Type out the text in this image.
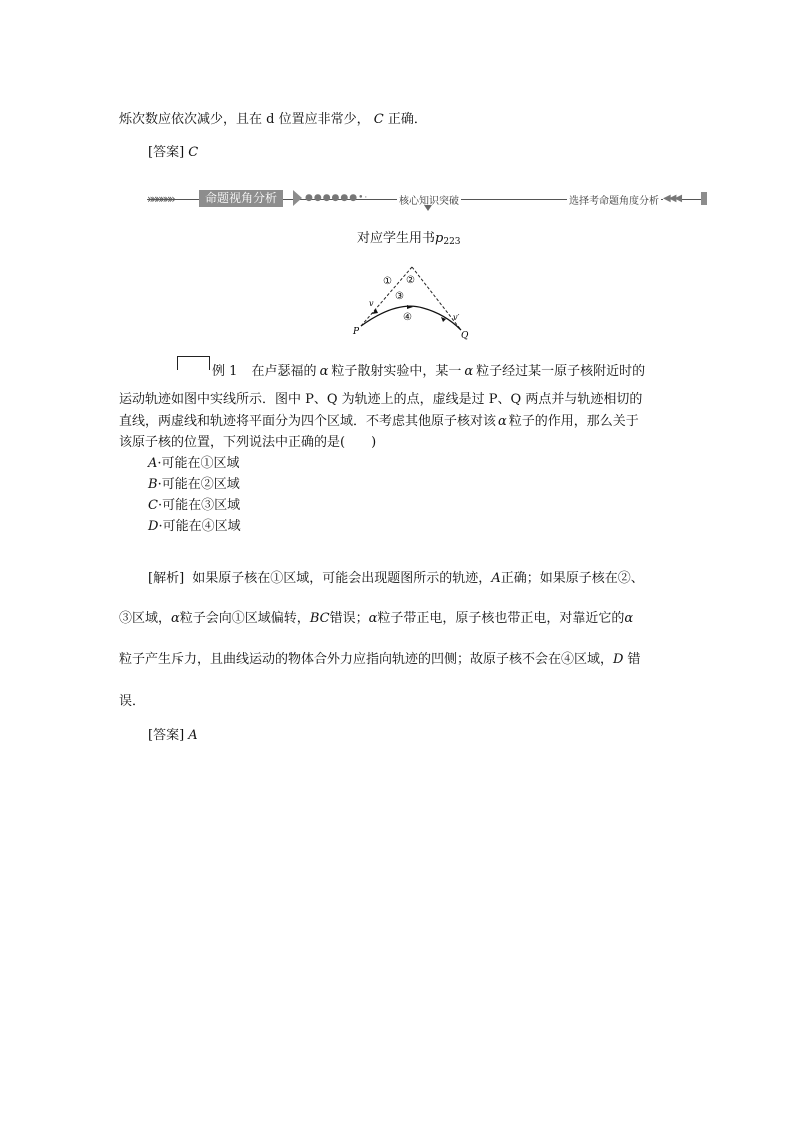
烁次数应依次减少，且在 d 位置应非常少， C 正确．
[答案] C
»»»»»»	命题视角分析	●●●●●●•·	核心知识突破	选择考命题角度分析 ◀◀◀
对应学生用书p223
① ②
③
④
v
v′
P	Q
例 1 在卢瑟福的 α 粒子散射实验中，某一 α 粒子经过某一原子核附近时的
运动轨迹如图中实线所示．图中 P、Q 为轨迹上的点，虚线是过 P、Q 两点并与轨迹相切的
直线，两虚线和轨迹将平面分为四个区域．不考虑其他原子核对该 α 粒子的作用，那么关于
该原子核的位置，下列说法中正确的是(　　)
A·可能在①区域
B·可能在②区域
C·可能在③区域
D·可能在④区域
[解析] 如果原子核在①区域，可能会出现题图所示的轨迹，A正确；如果原子核在②、
③区域，α粒子会向①区域偏转，BC错误；α粒子带正电，原子核也带正电，对靠近它的α
粒子产生斥力，且曲线运动的物体合外力应指向轨迹的凹侧；故原子核不会在④区域，D 错
误．
[答案] A
